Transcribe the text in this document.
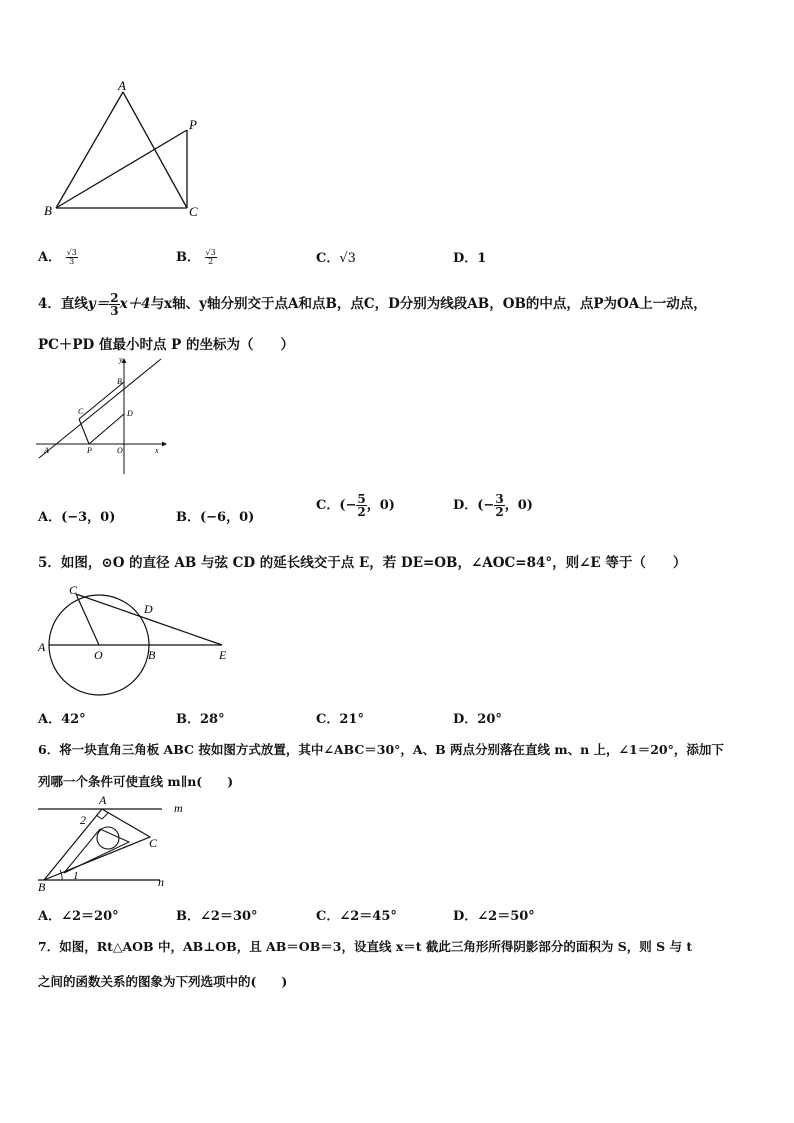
A
P
B	C
A． $\frac{√3}{3}$	B． $\frac{√3}{2}$	C．√3	D．1
4．直线$y= \frac{2}{3} x+4$与x轴、y轴分别交于点A和点B，点C，D分别为线段AB，OB的中点，点P为OA上一动点，
PC＋PD 值最小时点 P 的坐标为（　　）
y
B
C	D
A	P	O	x
A．(−3，0)	B．(−6，0)
C．(− $\frac{5}{2}$ ，0)	D．(− $\frac{3}{2}$ ，0)
5．如图，⊙O 的直径 AB 与弦 CD 的延长线交于点 E，若 DE=OB，∠AOC=84°，则∠E 等于（　　）
C
D
A
O	B	E
A．42°	B．28°	C．21°	D．20°
6．将一块直角三角板 ABC 按如图方式放置，其中∠ABC＝30°，A、B 两点分别落在直线 m、n 上，∠1＝20°，添加下
列哪一个条件可使直线 m∥n(　　)
A
m
2
C
B
1	n
A．∠2＝20°	B．∠2＝30°	C．∠2＝45°	D．∠2＝50°
7．如图，Rt△AOB 中，AB⊥OB，且 AB＝OB＝3，设直线 x＝t 截此三角形所得阴影部分的面积为 S，则 S 与 t
之间的函数关系的图象为下列选项中的(　　)
